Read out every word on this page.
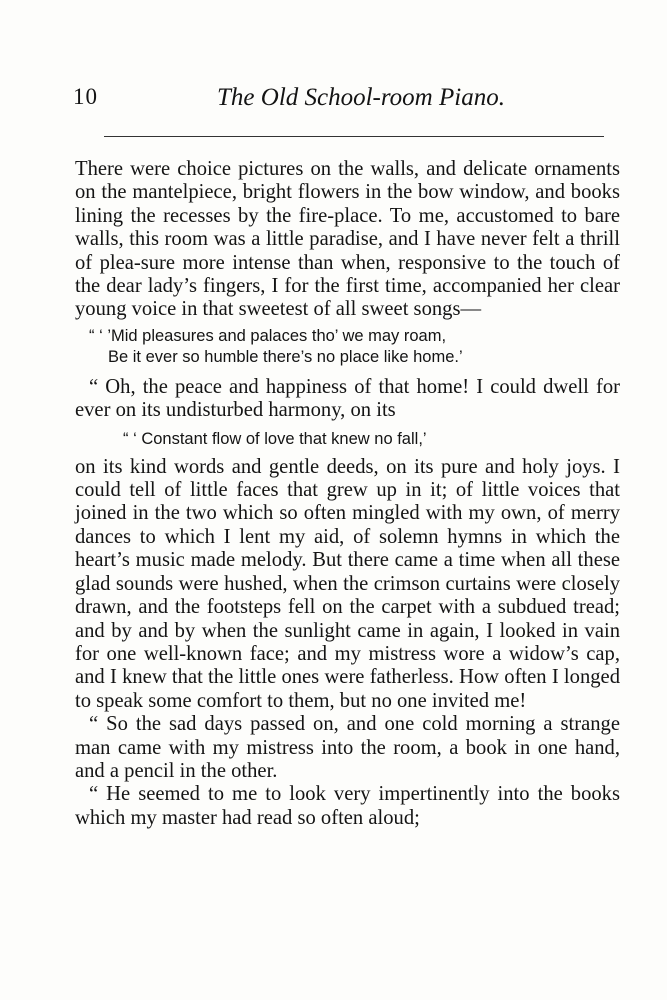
10	The Old School-room Piano.

There were choice pictures on the walls, and delicate ornaments on the mantelpiece, bright flowers in the bow window, and books lining the recesses by the fire-place. To me, accustomed to bare walls, this room was a little paradise, and I have never felt a thrill of plea-sure more intense than when, responsive to the touch of the dear lady’s fingers, I for the first time, accompanied her clear young voice in that sweetest of all sweet songs—

“ ‘ ’Mid pleasures and palaces tho’ we may roam,
Be it ever so humble there’s no place like home.’

“ Oh, the peace and happiness of that home! I could dwell for ever on its undisturbed harmony, on its

“ ‘ Constant flow of love that knew no fall,’

on its kind words and gentle deeds, on its pure and holy joys. I could tell of little faces that grew up in it; of little voices that joined in the two which so often mingled with my own, of merry dances to which I lent my aid, of solemn hymns in which the heart’s music made melody. But there came a time when all these glad sounds were hushed, when the crimson curtains were closely drawn, and the footsteps fell on the carpet with a subdued tread; and by and by when the sunlight came in again, I looked in vain for one well-known face; and my mistress wore a widow’s cap, and I knew that the little ones were fatherless. How often I longed to speak some comfort to them, but no one invited me!

“ So the sad days passed on, and one cold morning a strange man came with my mistress into the room, a book in one hand, and a pencil in the other.

“ He seemed to me to look very impertinently into the books which my master had read so often aloud;
